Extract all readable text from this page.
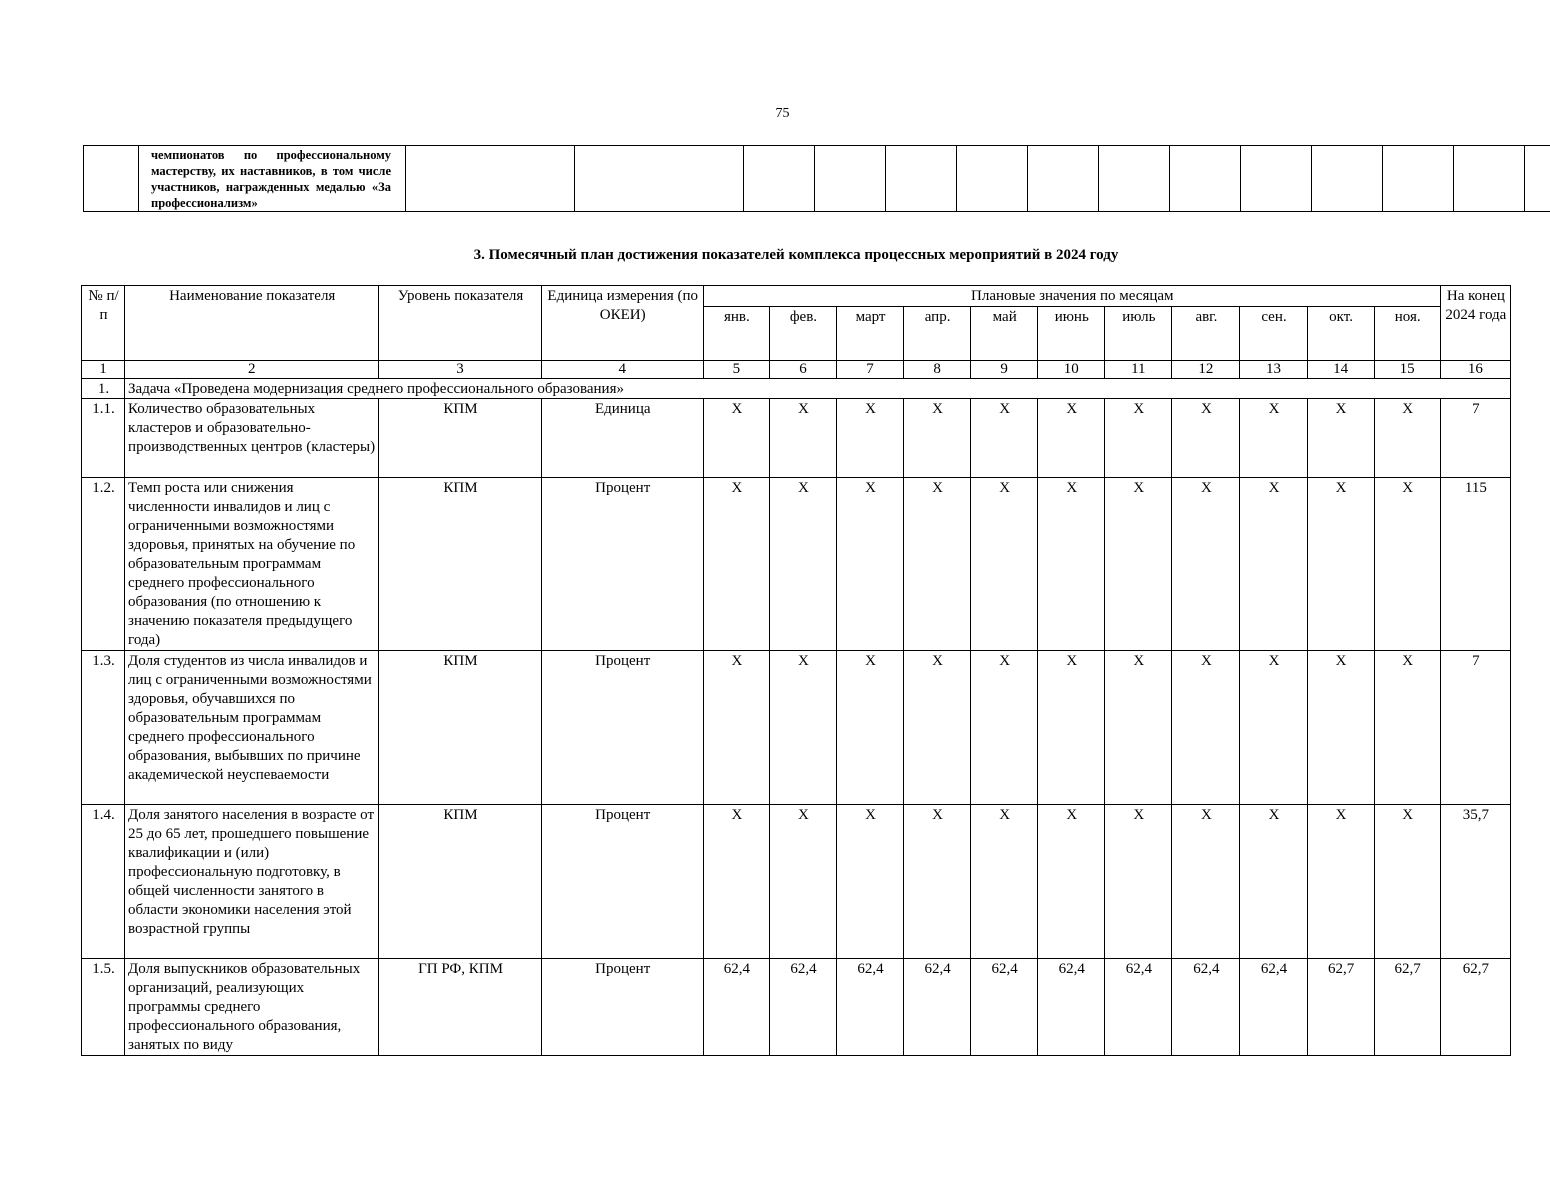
75

чемпионатов по профессиональному мастерству, их наставников, в том числе участников, награжденных медалью «За профессионализм»

3. Помесячный план достижения показателей комплекса процессных мероприятий в 2024 году
№ п/п	Наименование показателя	Уровень показателя	Единица измерения (по ОКЕИ)	Плановые значения по месяцам											На конец 2024 года
				янв.	фев.	март	апр.	май	июнь	июль	авг.	сен.	окт.	ноя.	
1	2	3	4	5	6	7	8	9	10	11	12	13	14	15	16
1.	Задача «Проведена модернизация среднего профессионального образования»														
1.1.	Количество образовательных кластеров и образовательно-производственных центров (кластеры)	КПМ	Единица	X	X	X	X	X	X	X	X	X	X	X	7
1.2.	Темп роста или снижения численности инвалидов и лиц с ограниченными возможностями здоровья, принятых на обучение по образовательным программам среднего профессионального образования (по отношению к значению показателя предыдущего года)	КПМ	Процент	X	X	X	X	X	X	X	X	X	X	X	115
1.3.	Доля студентов из числа инвалидов и лиц с ограниченными возможностями здоровья, обучавшихся по образовательным программам среднего профессионального образования, выбывших по причине академической неуспеваемости	КПМ	Процент	X	X	X	X	X	X	X	X	X	X	X	7
1.4.	Доля занятого населения в возрасте от 25 до 65 лет, прошедшего повышение квалификации и (или) профессиональную подготовку, в общей численности занятого в области экономики населения этой возрастной группы	КПМ	Процент	X	X	X	X	X	X	X	X	X	X	X	35,7
1.5.	Доля выпускников образовательных организаций, реализующих программы среднего профессионального образования, занятых по виду	ГП РФ, КПМ	Процент	62,4	62,4	62,4	62,4	62,4	62,4	62,4	62,4	62,4	62,7	62,7	62,7
